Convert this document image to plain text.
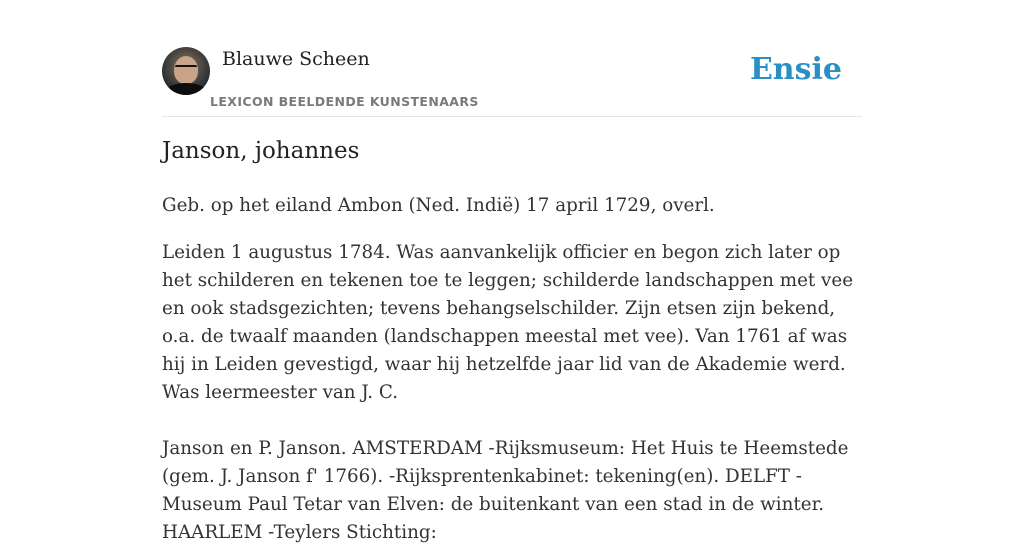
Blauwe Scheen
LEXICON BEELDENDE KUNSTENAARS
Ensie
Janson, johannes

Geb. op het eiland Ambon (Ned. Indië) 17 april 1729, overl.

Leiden 1 augustus 1784. Was aanvankelijk officier en begon zich later op het schilderen en tekenen toe te leggen; schilderde landschappen met vee en ook stadsgezichten; tevens behangselschilder. Zijn etsen zijn bekend, o.a. de twaalf maanden (landschappen meestal met vee). Van 1761 af was hij in Leiden gevestigd, waar hij hetzelfde jaar lid van de Akademie werd. Was leermeester van J. C.

Janson en P. Janson. AMSTERDAM -Rijksmuseum: Het Huis te Heemstede (gem. J. Janson f' 1766). -Rijksprentenkabinet: tekening(en). DELFT -Museum Paul Tetar van Elven: de buitenkant van een stad in de winter. HAARLEM -Teylers Stichting:
